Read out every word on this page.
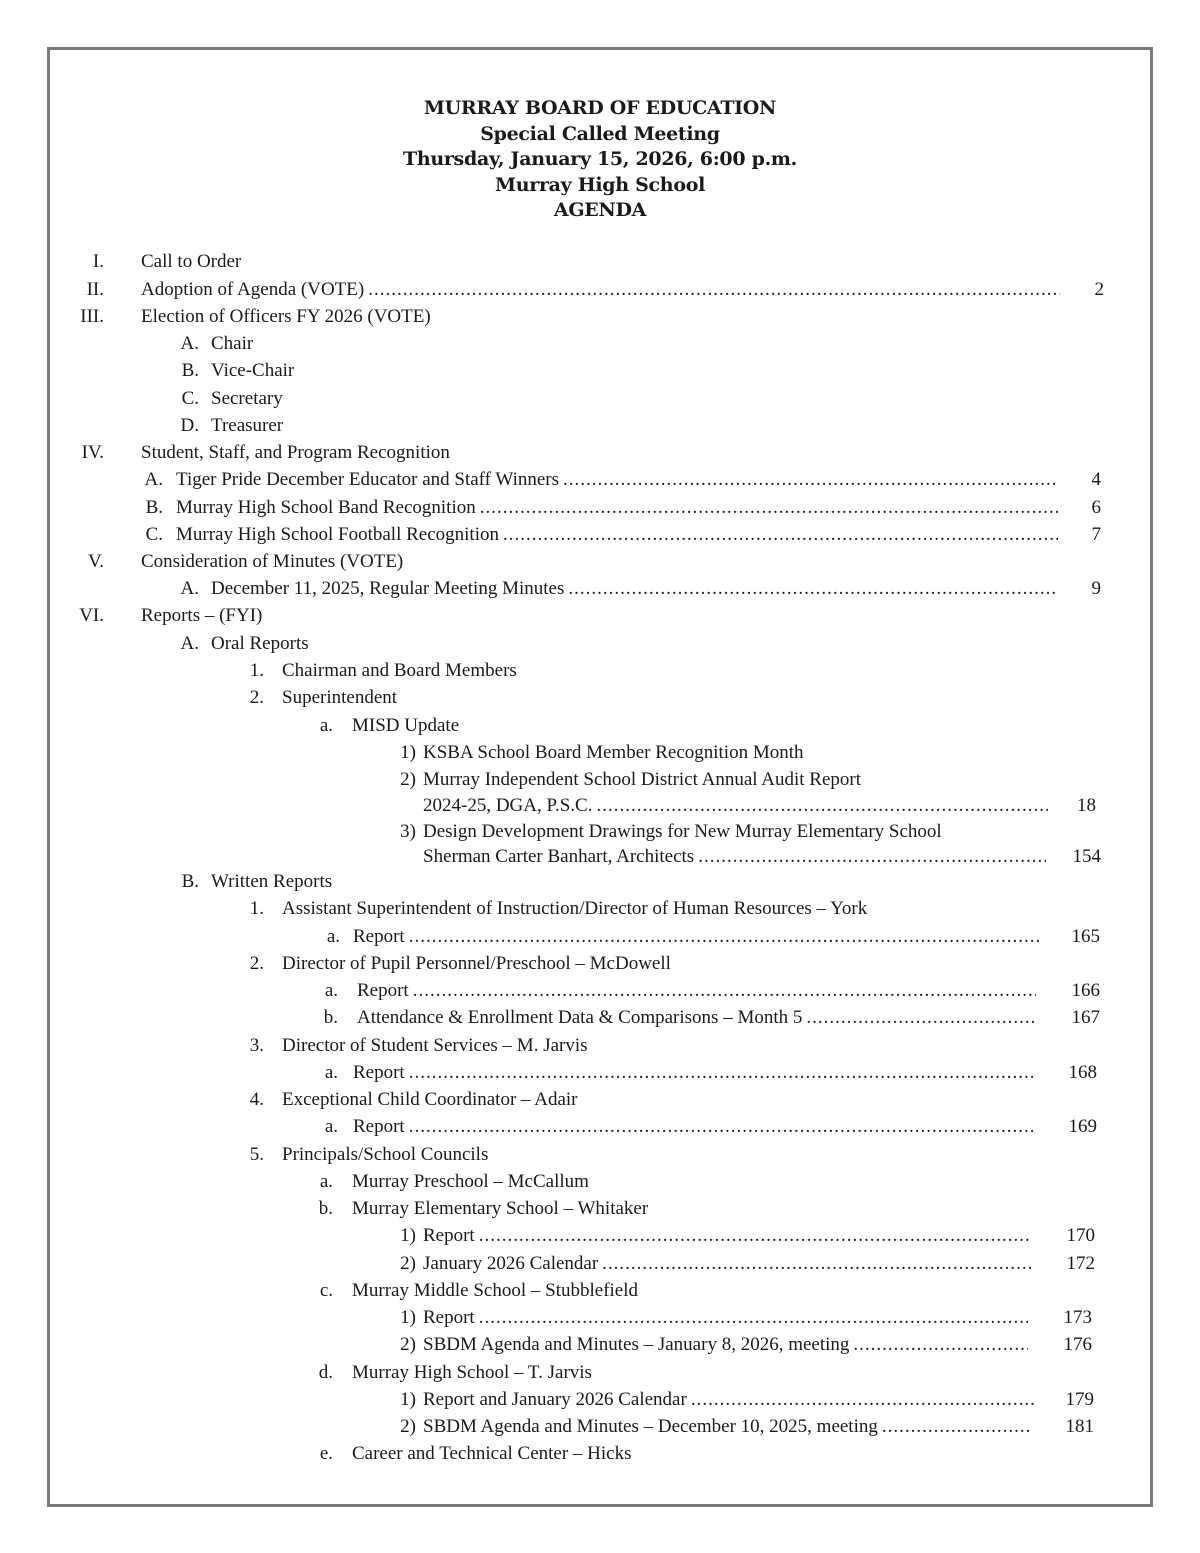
MURRAY BOARD OF EDUCATION
Special Called Meeting
Thursday, January 15, 2026, 6:00 p.m.
Murray High School
AGENDA
I. Call to Order
II. Adoption of Agenda (VOTE) .....	2
III. Election of Officers FY 2026 (VOTE)
A. Chair
B. Vice-Chair
C. Secretary
D. Treasurer
IV. Student, Staff, and Program Recognition
A. Tiger Pride December Educator and Staff Winners .....	4
B. Murray High School Band Recognition .....	6
C. Murray High School Football Recognition .....	7
V. Consideration of Minutes (VOTE)
A. December 11, 2025, Regular Meeting Minutes .....	9
VI. Reports – (FYI)
A. Oral Reports
1. Chairman and Board Members
2. Superintendent
a. MISD Update
1) KSBA School Board Member Recognition Month
2) Murray Independent School District Annual Audit Report
2024-25, DGA, P.S.C. .....	18
3) Design Development Drawings for New Murray Elementary School
Sherman Carter Banhart, Architects .....	154
B. Written Reports
1. Assistant Superintendent of Instruction/Director of Human Resources – York
a. Report .....	165
2. Director of Pupil Personnel/Preschool – McDowell
a. Report .....	166
b. Attendance & Enrollment Data & Comparisons – Month 5 .....	167
3. Director of Student Services – M. Jarvis
a. Report .....	168
4. Exceptional Child Coordinator – Adair
a. Report .....	169
5. Principals/School Councils
a. Murray Preschool – McCallum
b. Murray Elementary School – Whitaker
1) Report .....	170
2) January 2026 Calendar .....	172
c. Murray Middle School – Stubblefield
1) Report .....	173
2) SBDM Agenda and Minutes – January 8, 2026, meeting .....	176
d. Murray High School – T. Jarvis
1) Report and January 2026 Calendar .....	179
2) SBDM Agenda and Minutes – December 10, 2025, meeting .....	181
e. Career and Technical Center – Hicks
